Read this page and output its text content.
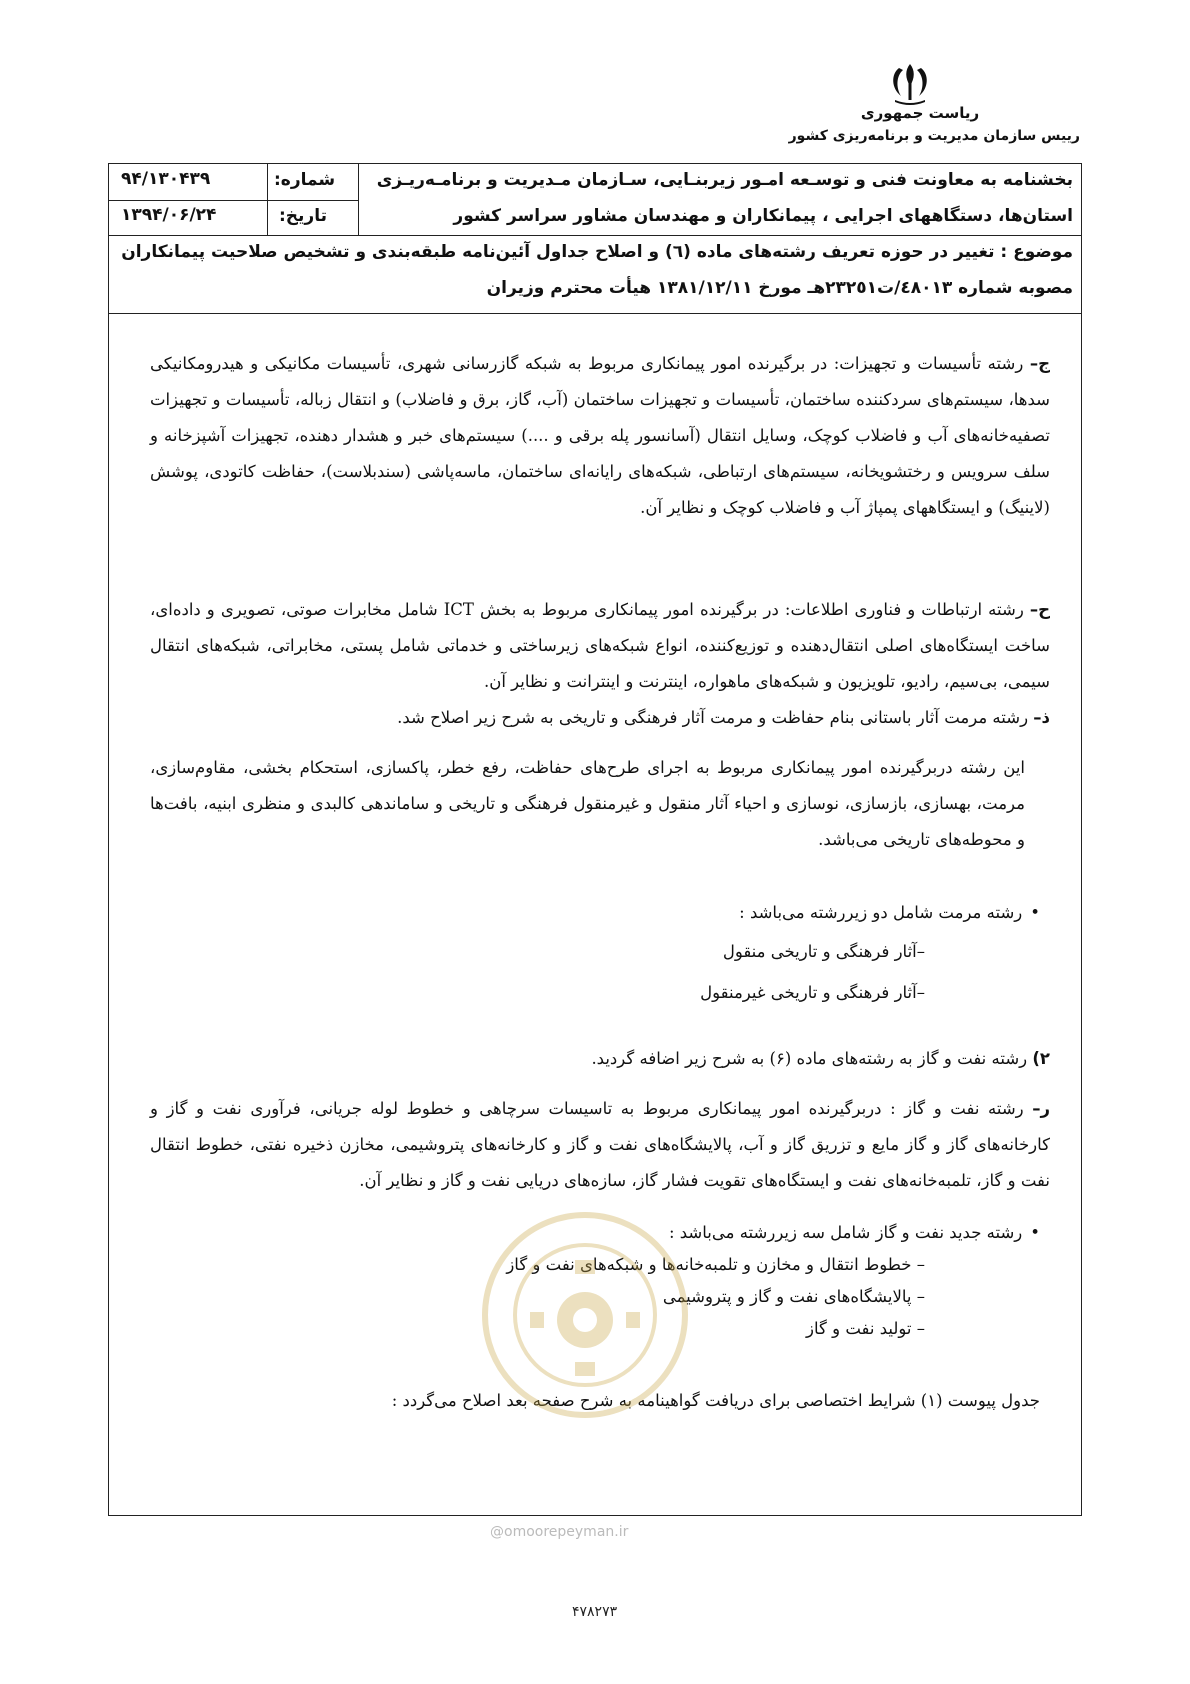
ریاست جمهوری
رییس سازمان مدیریت و برنامه‌ریزی کشور
بخشنامه به معاونت فنی و توسـعه امـور زیربنـایی، سـازمان مـدیریت و برنامـه‌ریـزی
استان‌ها، دستگاههای اجرایی ، پیمانکاران و مهندسان مشاور سراسر کشور
شماره:
۹۴/۱۳۰۴۳۹
تاریخ:
۱۳۹۴/۰۶/۲۴
موضوع : تغییر در حوزه تعریف رشته‌های ماده (٦) و اصلاح جداول آئین‌نامه طبقه‌بندی و تشخیص صلاحیت پیمانکاران
مصوبه شماره ٤٨٠١٣/ت٢٣٢٥١هـ مورخ ۱۳۸۱/۱۲/۱۱ هیأت محترم وزیران
ج– رشته تأسیسات و تجهیزات: در برگیرنده امور پیمانکاری مربوط به شبکه گازرسانی شهری، تأسیسات مکانیکی و هیدرومکانیکی سدها، سیستم‌های سردکننده ساختمان، تأسیسات و تجهیزات ساختمان (آب، گاز، برق و فاضلاب) و انتقال زباله، تأسیسات و تجهیزات تصفیه‌خانه‌های آب و فاضلاب کوچک، وسایل انتقال (آسانسور پله برقی و ....) سیستم‌های خبر و هشدار دهنده، تجهیزات آشپزخانه و سلف سرویس و رختشویخانه، سیستم‌های ارتباطی، شبکه‌های رایانه‌ای ساختمان، ماسه‌پاشی (سندبلاست)، حفاظت کاتودی، پوشش (لاینیگ) و ایستگاههای پمپاژ آب و فاضلاب کوچک و نظایر آن.
ح– رشته ارتباطات و فناوری اطلاعات: در برگیرنده امور پیمانکاری مربوط به بخش ICT شامل مخابرات صوتی، تصویری و داده‌ای، ساخت ایستگاه‌های اصلی انتقال‌دهنده و توزیع‌کننده، انواع شبکه‌های زیرساختی و خدماتی شامل پستی، مخابراتی، شبکه‌های انتقال سیمی، بی‌سیم، رادیو، تلویزیون و شبکه‌های ماهواره، اینترنت و اینترانت و نظایر آن.
ذ– رشته مرمت آثار باستانی بنام حفاظت و مرمت آثار فرهنگی و تاریخی به شرح زیر اصلاح شد.
این رشته دربرگیرنده امور پیمانکاری مربوط به اجرای طرح‌های حفاظت، رفع خطر، پاکسازی، استحکام بخشی، مقاوم‌سازی، مرمت، بهسازی، بازسازی، نوسازی و احیاء آثار منقول و غیرمنقول فرهنگی و تاریخی و ساماندهی کالبدی و منظری ابنیه، بافت‌ها و محوطه‌های تاریخی می‌باشد.
• رشته مرمت شامل دو زیررشته می‌باشد :
–آثار فرهنگی و تاریخی منقول
–آثار فرهنگی و تاریخی غیرمنقول
۲) رشته نفت و گاز به رشته‌های ماده (۶) به شرح زیر اضافه گردید.
ر– رشته نفت و گاز : دربرگیرنده امور پیمانکاری مربوط به تاسیسات سرچاهی و خطوط لوله جریانی، فرآوری نفت و گاز و کارخانه‌های گاز و گاز مایع و تزریق گاز و آب، پالایشگاه‌های نفت و گاز و کارخانه‌های پتروشیمی، مخازن ذخیره نفتی، خطوط انتقال نفت و گاز، تلمبه‌خانه‌های نفت و ایستگاه‌های تقویت فشار گاز، سازه‌های دریایی نفت و گاز و نظایر آن.
• رشته جدید نفت و گاز شامل سه زیررشته می‌باشد :
– خطوط انتقال و مخازن و تلمبه‌خانه‌ها و شبکه‌های نفت و گاز
– پالایشگاه‌های نفت و گاز و پتروشیمی
– تولید نفت و گاز
جدول پیوست (۱) شرایط اختصاصی برای دریافت گواهینامه به شرح صفحه بعد اصلاح می‌گردد :
@omoorepeyman.ir
۴۷۸۲۷۳
